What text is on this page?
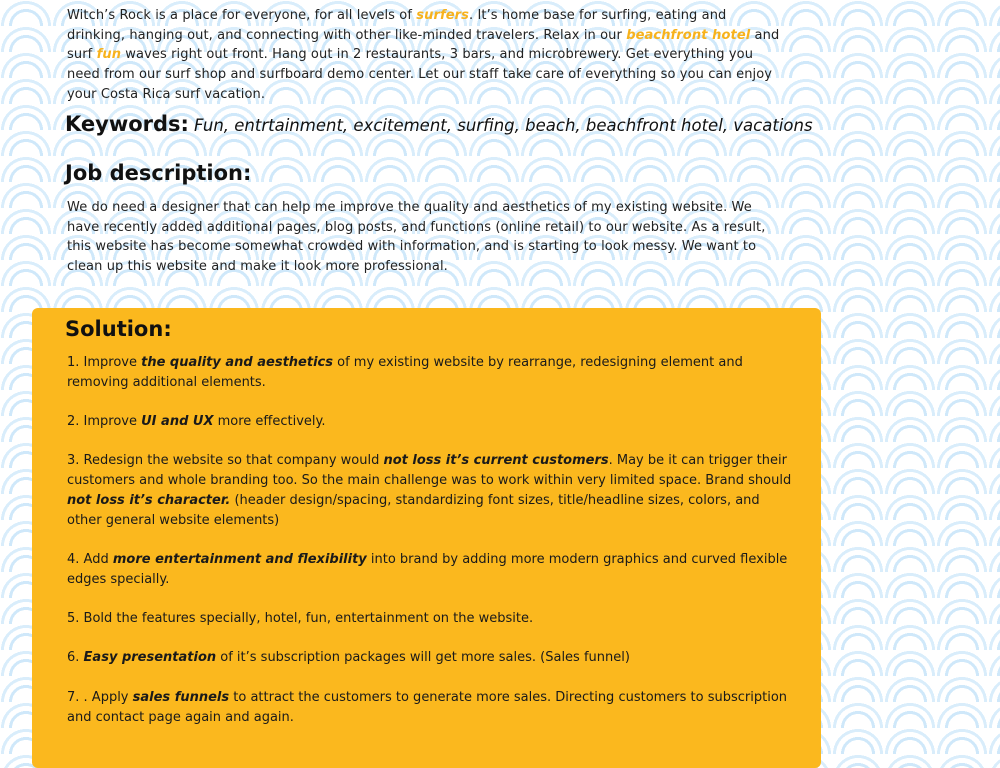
Witch’s Rock is a place for everyone, for all levels of surfers. It’s home base for surfing, eating and drinking, hanging out, and connecting with other like-minded travelers. Relax in our beachfront hotel and surf fun waves right out front. Hang out in 2 restaurants, 3 bars, and microbrewery. Get everything you need from our surf shop and surfboard demo center. Let our staff take care of everything so you can enjoy your Costa Rica surf vacation.

Keywords: Fun, entrtainment, excitement, surfing, beach, beachfront hotel, vacations

Job description:

We do need a designer that can help me improve the quality and aesthetics of my existing website. We have recently added additional pages, blog posts, and functions (online retail) to our website. As a result, this website has become somewhat crowded with information, and is starting to look messy. We want to clean up this website and make it look more professional.

Solution:
1. Improve the quality and aesthetics of my existing website by rearrange, redesigning element and removing additional elements.
2. Improve UI and UX more effectively.
3. Redesign the website so that company would not loss it’s current customers. May be it can trigger their customers and whole branding too. So the main challenge was to work within very limited space. Brand should not loss it’s character. (header design/spacing, standardizing font sizes, title/headline sizes, colors, and other general website elements)
4. Add more entertainment and flexibility into brand by adding more modern graphics and curved flexible edges specially.
5. Bold the features specially, hotel, fun, entertainment on the website.
6. Easy presentation of it’s subscription packages will get more sales. (Sales funnel)
7. . Apply sales funnels to attract the customers to generate more sales. Directing customers to subscription and contact page again and again.
